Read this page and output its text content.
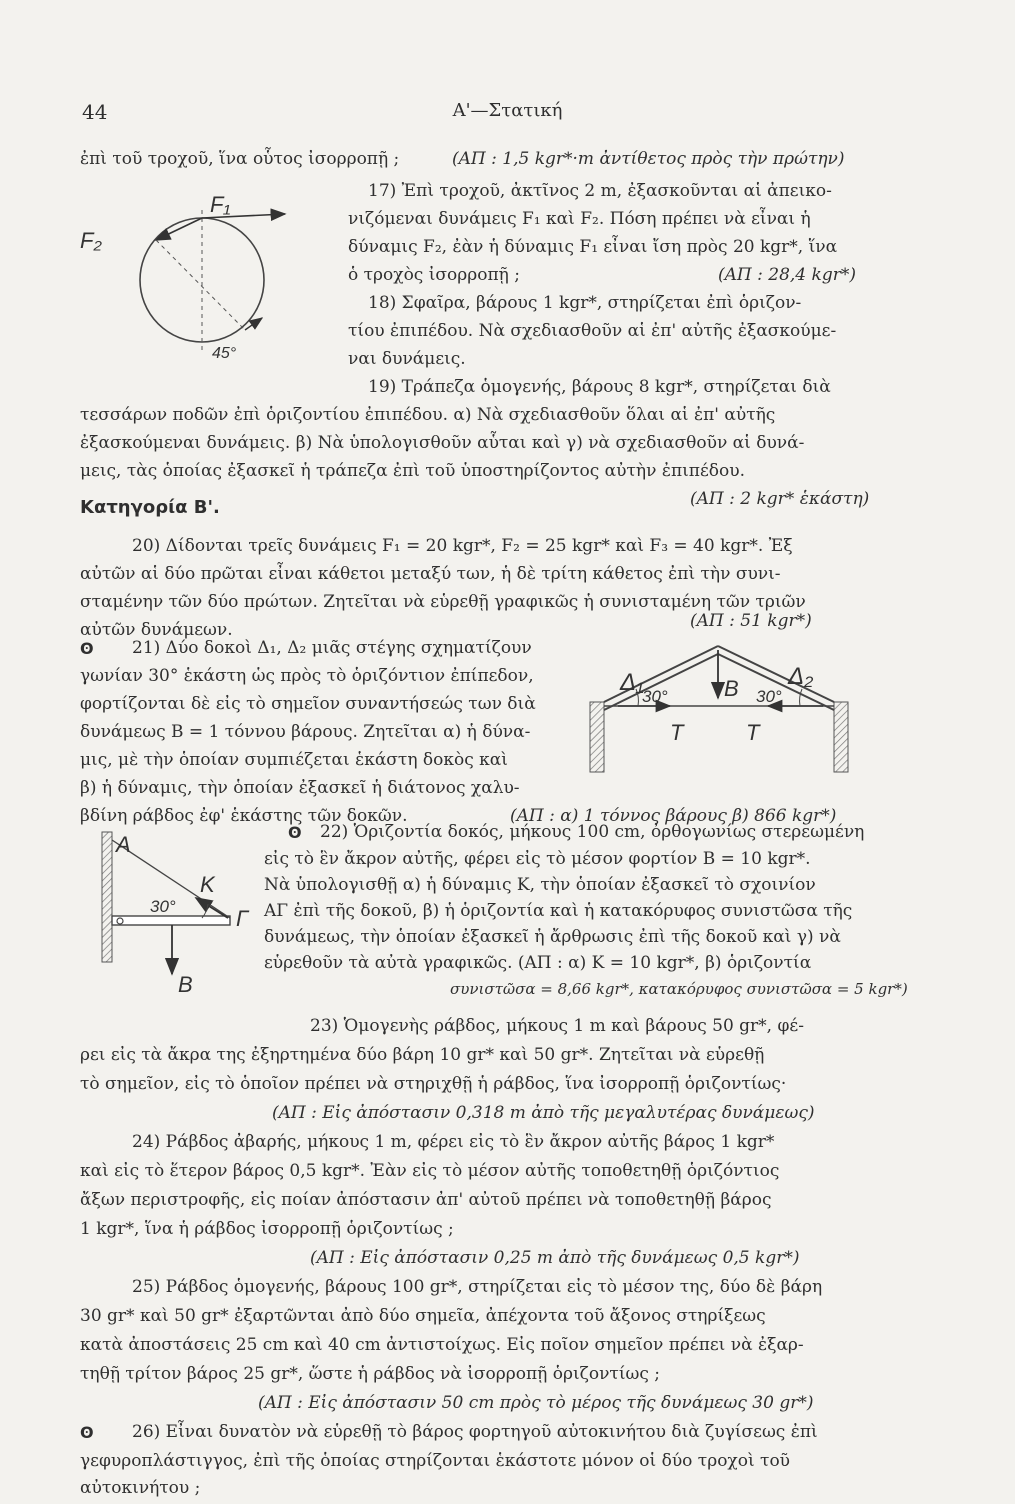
44	Α'—Στατική
ἐπὶ τοῦ τροχοῦ, ἵνα οὗτος ἰσορροπῇ ;	(ΑΠ : 1,5 kgr*·m ἀντίθετος πρὸς τὴν πρώτην)
F₁
F₂
45°
17) Ἐπὶ τροχοῦ, ἀκτῖνος 2 m, ἐξασκοῦνται αἱ ἀπεικο-
νιζόμεναι δυνάμεις F₁ καὶ F₂. Πόση πρέπει νὰ εἶναι ἡ
δύναμις F₂, ἐὰν ἡ δύναμις F₁ εἶναι ἴση πρὸς 20 kgr*, ἵνα
ὁ τροχὸς ἰσορροπῇ ;	(ΑΠ : 28,4 kgr*)
18) Σφαῖρα, βάρους 1 kgr*, στηρίζεται ἐπὶ ὁριζον-
τίου ἐπιπέδου. Νὰ σχεδιασθοῦν αἱ ἐπ' αὐτῆς ἐξασκούμε-
ναι δυνάμεις.
19) Τράπεζα ὁμογενής, βάρους 8 kgr*, στηρίζεται διὰ
τεσσάρων ποδῶν ἐπὶ ὁριζοντίου ἐπιπέδου. α) Νὰ σχεδιασθοῦν ὅλαι αἱ ἐπ' αὐτῆς
ἐξασκούμεναι δυνάμεις. β) Νὰ ὑπολογισθοῦν αὗται καὶ γ) νὰ σχεδιασθοῦν αἱ δυνά-
μεις, τὰς ὁποίας ἐξασκεῖ ἡ τράπεζα ἐπὶ τοῦ ὑποστηρίζοντος αὐτὴν ἐπιπέδου.
(ΑΠ : 2 kgr* ἑκάστη)
Κατηγορία Β'.
20) Δίδονται τρεῖς δυνάμεις F₁ = 20 kgr*, F₂ = 25 kgr* καὶ F₃ = 40 kgr*. Ἐξ
αὐτῶν αἱ δύο πρῶται εἶναι κάθετοι μεταξύ των, ἡ δὲ τρίτη κάθετος ἐπὶ τὴν συνι-
σταμένην τῶν δύο πρώτων. Ζητεῖται νὰ εὑρεθῇ γραφικῶς ἡ συνισταμένη τῶν τριῶν
αὐτῶν δυνάμεων.	(ΑΠ : 51 kgr*)
ʘ 21) Δύο δοκοὶ Δ₁, Δ₂ μιᾶς στέγης σχηματίζουν
γωνίαν 30° ἑκάστη ὡς πρὸς τὸ ὁριζόντιον ἐπίπεδον,
φορτίζονται δὲ εἰς τὸ σημεῖον συναντήσεώς των διὰ
δυνάμεως B = 1 τόννου βάρους. Ζητεῖται α) ἡ δύνα-
μις, μὲ τὴν ὁποίαν συμπιέζεται ἑκάστη δοκὸς καὶ
β) ἡ δύναμις, τὴν ὁποίαν ἐξασκεῖ ἡ διάτονος χαλυ-
βδίνη ράβδος ἐφ' ἑκάστης τῶν δοκῶν.	(ΑΠ : α) 1 τόννος βάρους β) 866 kgr*)
Δ₁	Δ₂
B
30°	30°
T	T
ʘ 22) Ὁριζοντία δοκός, μήκους 100 cm, ὀρθογωνίως στερεωμένη
εἰς τὸ ἓν ἄκρον αὐτῆς, φέρει εἰς τὸ μέσον φορτίον B = 10 kgr*.
Νὰ ὑπολογισθῇ α) ἡ δύναμις K, τὴν ὁποίαν ἐξασκεῖ τὸ σχοινίον
ΑΓ ἐπὶ τῆς δοκοῦ, β) ἡ ὁριζοντία καὶ ἡ κατακόρυφος συνιστῶσα τῆς
δυνάμεως, τὴν ὁποίαν ἐξασκεῖ ἡ ἄρθρωσις ἐπὶ τῆς δοκοῦ καὶ γ) νὰ
εὑρεθοῦν τὰ αὐτὰ γραφικῶς. (ΑΠ : α) K = 10 kgr*, β) ὁριζοντία
συνιστῶσα = 8,66 kgr*, κατακόρυφος συνιστῶσα = 5 kgr*)
A
K
Γ
B
30°
23) Ὁμογενὴς ράβδος, μήκους 1 m καὶ βάρους 50 gr*, φέ-
ρει εἰς τὰ ἄκρα της ἐξηρτημένα δύο βάρη 10 gr* καὶ 50 gr*. Ζητεῖται νὰ εὑρεθῇ
τὸ σημεῖον, εἰς τὸ ὁποῖον πρέπει νὰ στηριχθῇ ἡ ράβδος, ἵνα ἰσορροπῇ ὁριζοντίως·
(ΑΠ : Εἰς ἀπόστασιν 0,318 m ἀπὸ τῆς μεγαλυτέρας δυνάμεως)
24) Ράβδος ἀβαρής, μήκους 1 m, φέρει εἰς τὸ ἓν ἄκρον αὐτῆς βάρος 1 kgr*
καὶ εἰς τὸ ἕτερον βάρος 0,5 kgr*. Ἐὰν εἰς τὸ μέσον αὐτῆς τοποθετηθῇ ὁριζόντιος
ἄξων περιστροφῆς, εἰς ποίαν ἀπόστασιν ἀπ' αὐτοῦ πρέπει νὰ τοποθετηθῇ βάρος
1 kgr*, ἵνα ἡ ράβδος ἰσορροπῇ ὁριζοντίως ;
(ΑΠ : Εἰς ἀπόστασιν 0,25 m ἀπὸ τῆς δυνάμεως 0,5 kgr*)
25) Ράβδος ὁμογενής, βάρους 100 gr*, στηρίζεται εἰς τὸ μέσον της, δύο δὲ βάρη
30 gr* καὶ 50 gr* ἐξαρτῶνται ἀπὸ δύο σημεῖα, ἀπέχοντα τοῦ ἄξονος στηρίξεως
κατὰ ἀποστάσεις 25 cm καὶ 40 cm ἀντιστοίχως. Εἰς ποῖον σημεῖον πρέπει νὰ ἐξαρ-
τηθῇ τρίτον βάρος 25 gr*, ὥστε ἡ ράβδος νὰ ἰσορροπῇ ὁριζοντίως ;
(ΑΠ : Εἰς ἀπόστασιν 50 cm πρὸς τὸ μέρος τῆς δυνάμεως 30 gr*)
ʘ 26) Εἶναι δυνατὸν νὰ εὑρεθῇ τὸ βάρος φορτηγοῦ αὐτοκινήτου διὰ ζυγίσεως ἐπὶ
γεφυροπλάστιγγος, ἐπὶ τῆς ὁποίας στηρίζονται ἑκάστοτε μόνον οἱ δύο τροχοὶ τοῦ
αὐτοκινήτου ;
